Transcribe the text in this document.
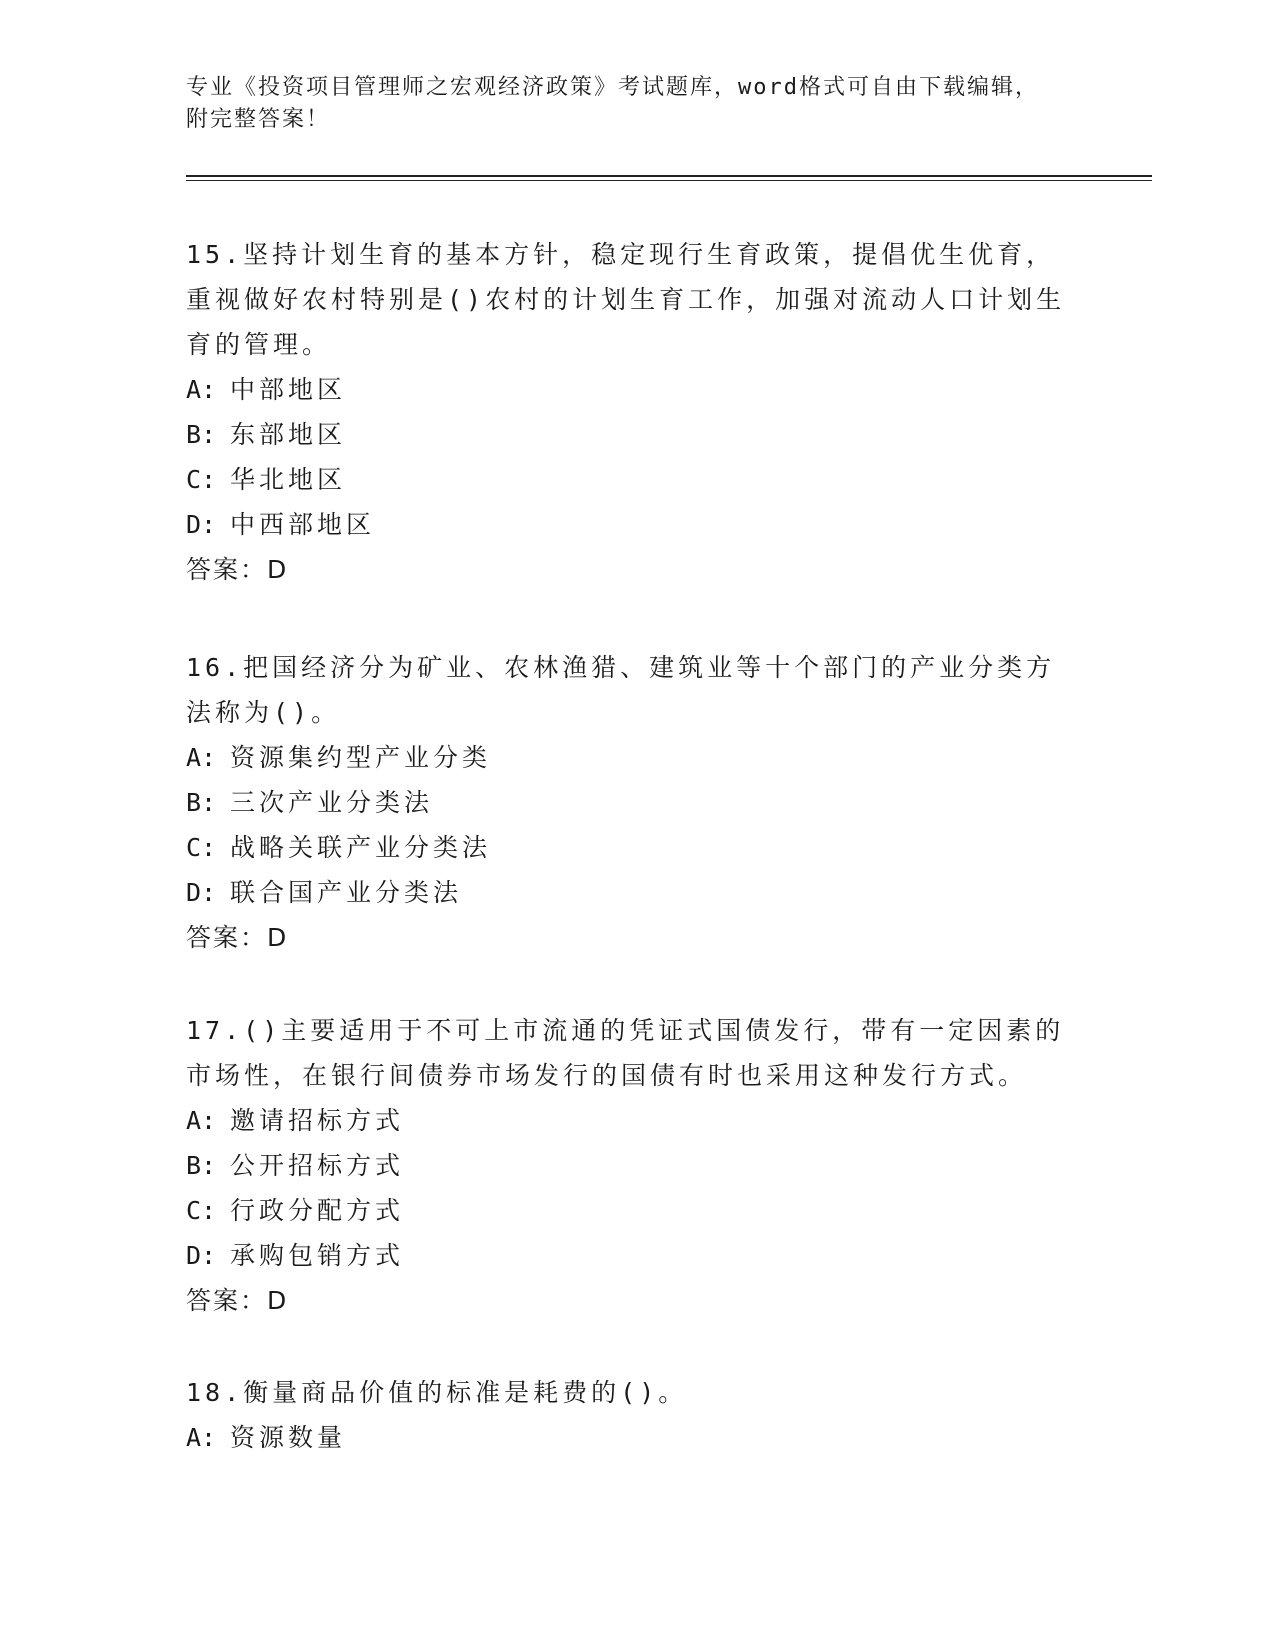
专业《投资项目管理师之宏观经济政策》考试题库，word格式可自由下载编辑，
附完整答案！

15.坚持计划生育的基本方针，稳定现行生育政策，提倡优生优育，重视做好农村特别是()农村的计划生育工作，加强对流动人口计划生育的管理。

A: 中部地区

B: 东部地区

C: 华北地区

D: 中西部地区

答案：D

16.把国经济分为矿业、农林渔猎、建筑业等十个部门的产业分类方法称为()。

A: 资源集约型产业分类

B: 三次产业分类法

C: 战略关联产业分类法

D: 联合国产业分类法

答案：D

17.()主要适用于不可上市流通的凭证式国债发行，带有一定因素的市场性，在银行间债券市场发行的国债有时也采用这种发行方式。

A: 邀请招标方式

B: 公开招标方式

C: 行政分配方式

D: 承购包销方式

答案：D

18.衡量商品价值的标准是耗费的()。

A: 资源数量
